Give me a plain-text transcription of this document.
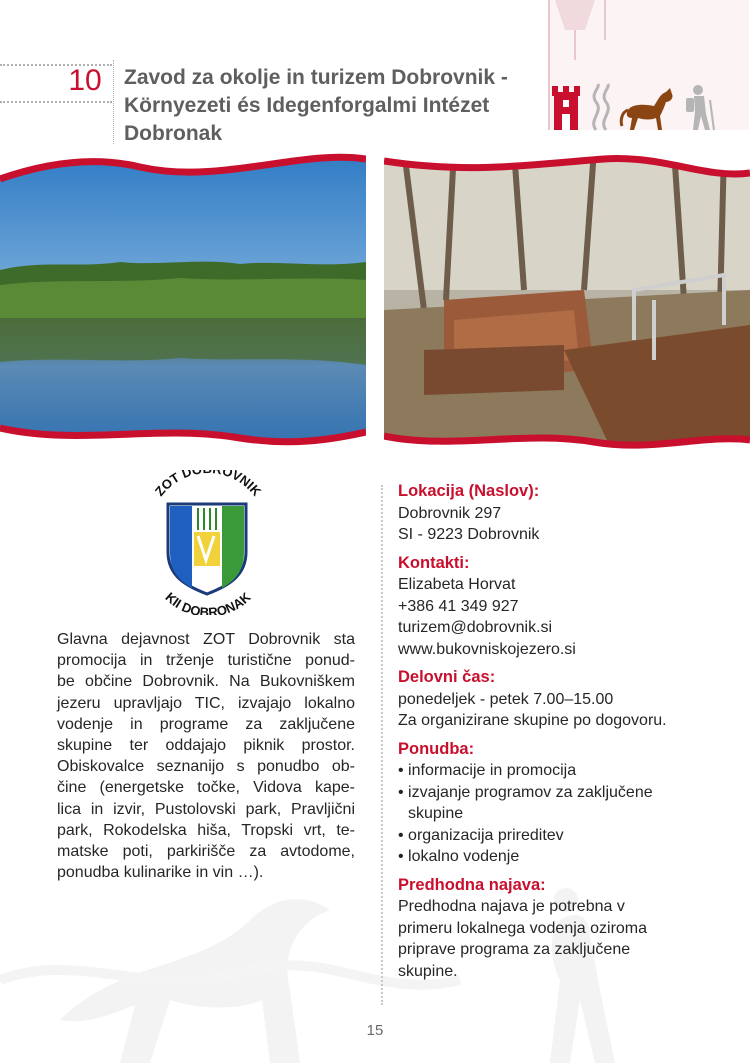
10	Zavod za okolje in turizem Dobrovnik -
Környezeti és Idegenforgalmi Intézet
Dobronak
ZOT D OVNIK
KII DOBRONAK
Glavna dejavnost ZOT Dobrovnik sta
promocija in trženje turistične ponud-
be občine Dobrovnik. Na Bukovniškem
jezeru upravljajo TIC, izvajajo lokalno
vodenje in programe za zaključene
skupine ter oddajajo piknik prostor.
Obiskovalce seznanijo s ponudbo ob-
čine (energetske točke, Vidova kape-
lica in izvir, Pustolovski park, Pravljični
park, Rokodelska hiša, Tropski vrt, te-
matske poti, parkirišče za avtodome,
ponudba kulinarike in vin …).
Lokacija (Naslov):
Dobrovnik 297
SI - 9223 Dobrovnik
Kontakti:
Elizabeta Horvat
+386 41 349 927
turizem@dobrovnik.si
www.bukovniskojezero.si
Delovni čas:
ponedeljek - petek 7.00–15.00
Za organizirane skupine po dogovoru.
Ponudba:
• informacije in promocija
• izvajanje programov za zaključene
skupine
• organizacija prireditev
• lokalno vodenje
Predhodna najava:
Predhodna najava je potrebna v
primeru lokalnega vodenja oziroma
priprave programa za zaključene
skupine.
15
